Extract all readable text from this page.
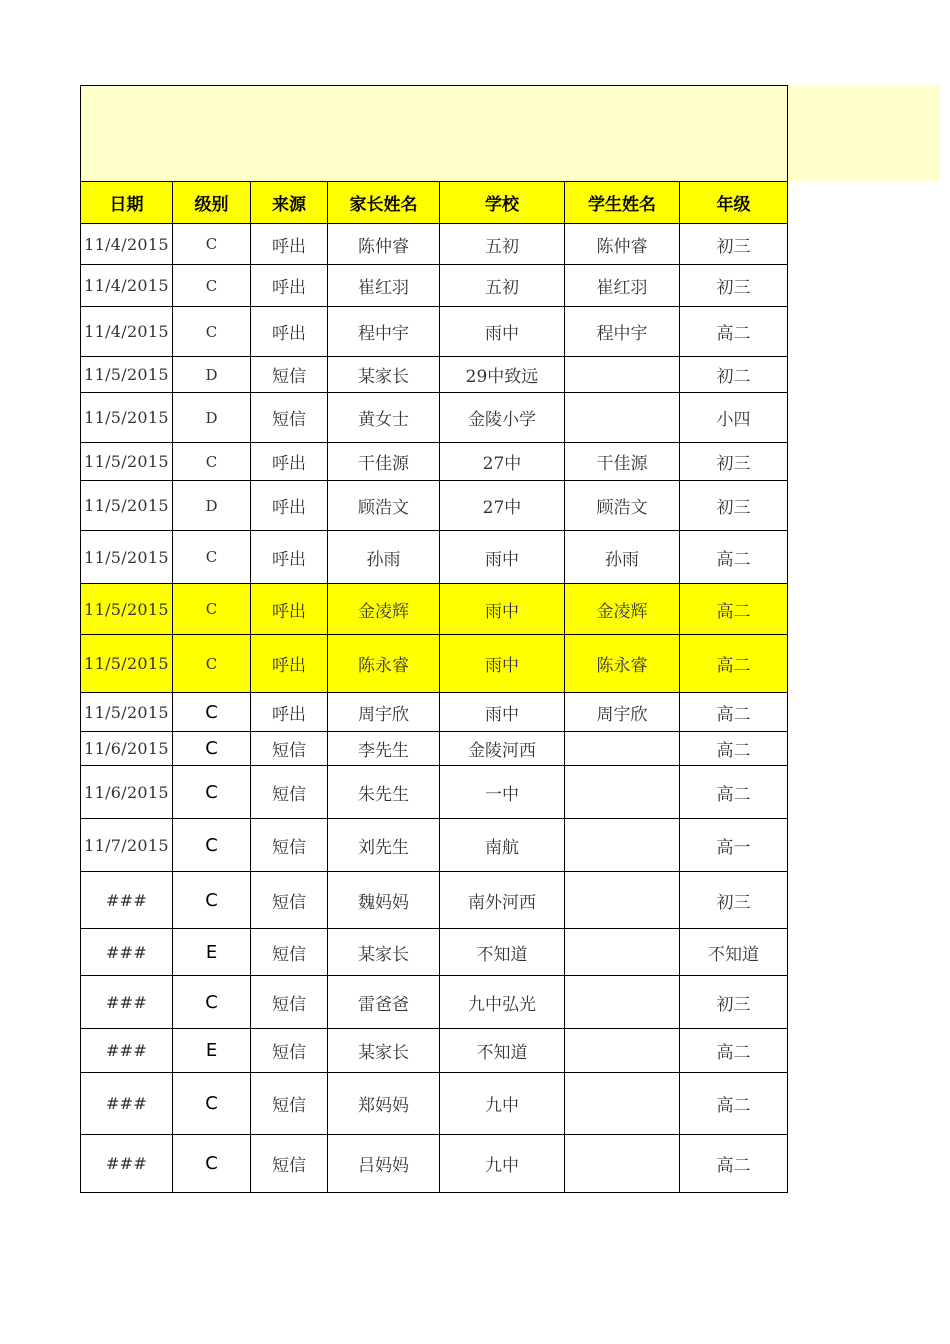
日期	级别	来源	家长姓名	学校	学生姓名	年级
11/4/2015	C	呼出	陈仲睿	五初	陈仲睿	初三
11/4/2015	C	呼出	崔红羽	五初	崔红羽	初三
11/4/2015	C	呼出	程中宇	雨中	程中宇	高二
11/5/2015	D	短信	某家长	29中致远		初二
11/5/2015	D	短信	黄女士	金陵小学		小四
11/5/2015	C	呼出	干佳源	27中	干佳源	初三
11/5/2015	D	呼出	顾浩文	27中	顾浩文	初三
11/5/2015	C	呼出	孙雨	雨中	孙雨	高二
11/5/2015	C	呼出	金凌辉	雨中	金凌辉	高二
11/5/2015	C	呼出	陈永睿	雨中	陈永睿	高二
11/5/2015	C	呼出	周宇欣	雨中	周宇欣	高二
11/6/2015	C	短信	李先生	金陵河西		高二
11/6/2015	C	短信	朱先生	一中		高二
11/7/2015	C	短信	刘先生	南航		高一
###	C	短信	魏妈妈	南外河西		初三
###	E	短信	某家长	不知道		不知道
###	C	短信	雷爸爸	九中弘光		初三
###	E	短信	某家长	不知道		高二
###	C	短信	郑妈妈	九中		高二
###	C	短信	吕妈妈	九中		高二
